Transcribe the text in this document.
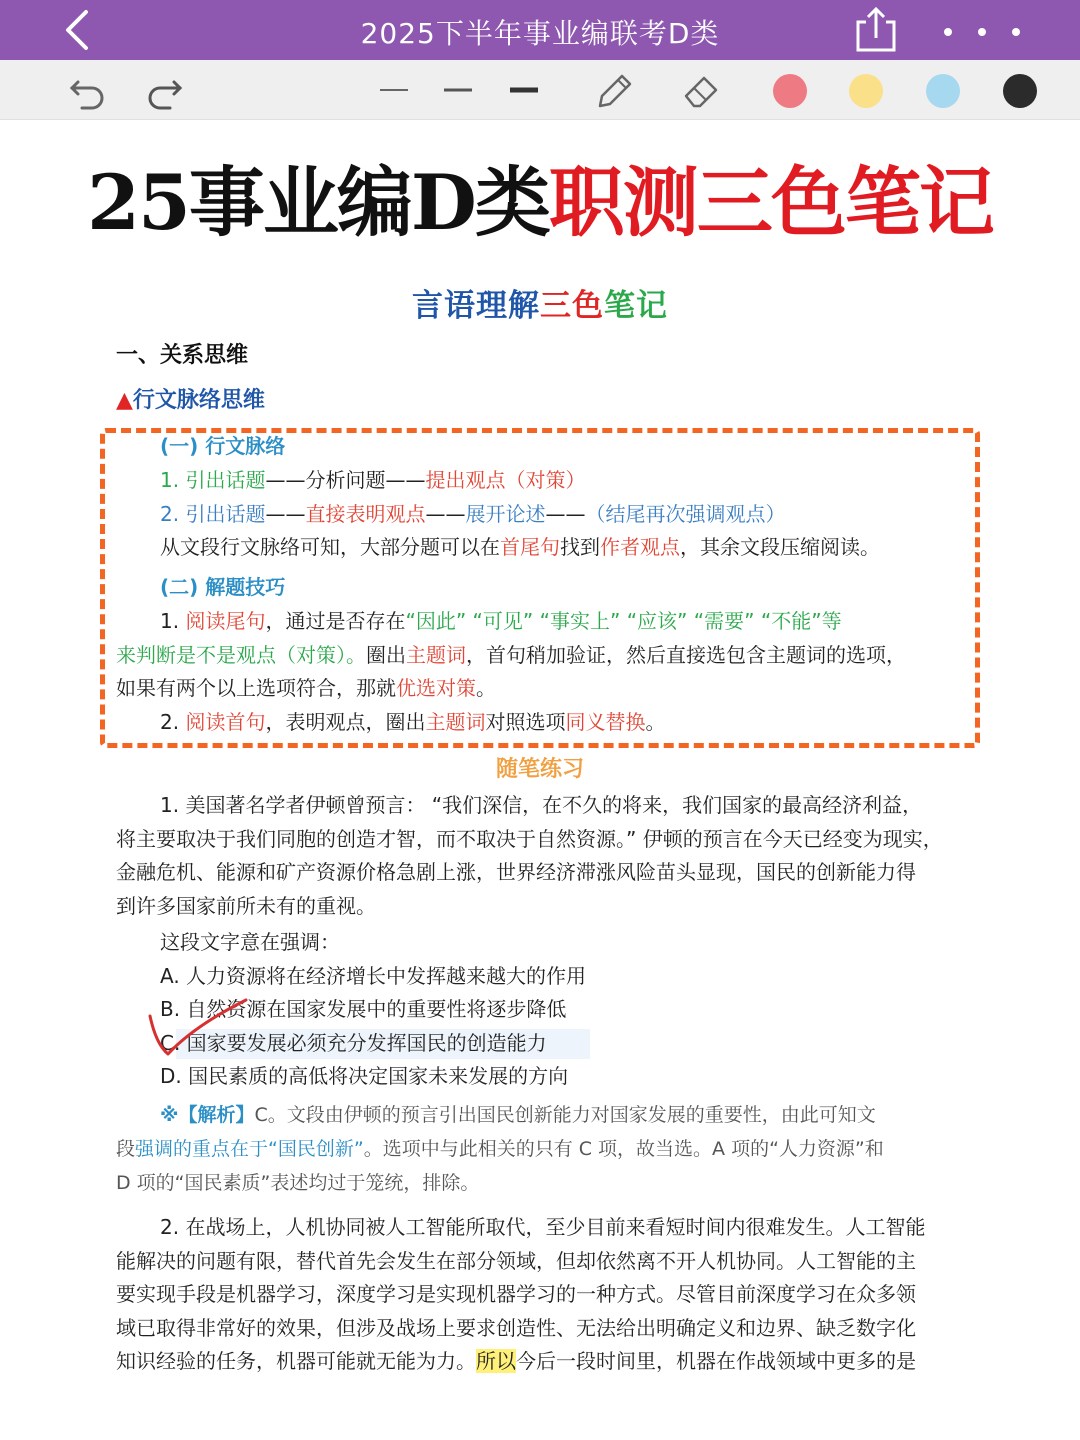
2025下半年事业编联考D类
25事业编D类职测三色笔记
言语理解三色笔记
一、关系思维
▲行文脉络思维
(一) 行文脉络
1. 引出话题——分析问题——提出观点（对策）
2. 引出话题——直接表明观点——展开论述——（结尾再次强调观点）
从文段行文脉络可知，大部分题可以在首尾句找到作者观点，其余文段压缩阅读。
(二) 解题技巧
1. 阅读尾句，通过是否存在“因此” “可见” “事实上” “应该” “需要” “不能”等
来判断是不是观点（对策）。圈出主题词，首句稍加验证，然后直接选包含主题词的选项，
如果有两个以上选项符合，那就优选对策。
2. 阅读首句，表明观点，圈出主题词对照选项同义替换。
随笔练习
1. 美国著名学者伊顿曾预言： “我们深信，在不久的将来，我们国家的最高经济利益，
将主要取决于我们同胞的创造才智，而不取决于自然资源。” 伊顿的预言在今天已经变为现实，
金融危机、能源和矿产资源价格急剧上涨，世界经济滞涨风险苗头显现，国民的创新能力得
到许多国家前所未有的重视。
这段文字意在强调：
A. 人力资源将在经济增长中发挥越来越大的作用
B. 自然资源在国家发展中的重要性将逐步降低
C. 国家要发展必须充分发挥国民的创造能力
D. 国民素质的高低将决定国家未来发展的方向
※【解析】C。文段由伊顿的预言引出国民创新能力对国家发展的重要性，由此可知文
段强调的重点在于“国民创新”。选项中与此相关的只有 C 项，故当选。A 项的“人力资源”和
D 项的“国民素质”表述均过于笼统，排除。
2. 在战场上，人机协同被人工智能所取代，至少目前来看短时间内很难发生。人工智能
能解决的问题有限，替代首先会发生在部分领域，但却依然离不开人机协同。人工智能的主
要实现手段是机器学习，深度学习是实现机器学习的一种方式。尽管目前深度学习在众多领
域已取得非常好的效果，但涉及战场上要求创造性、无法给出明确定义和边界、缺乏数字化
知识经验的任务，机器可能就无能为力。所以今后一段时间里，机器在作战领域中更多的是
